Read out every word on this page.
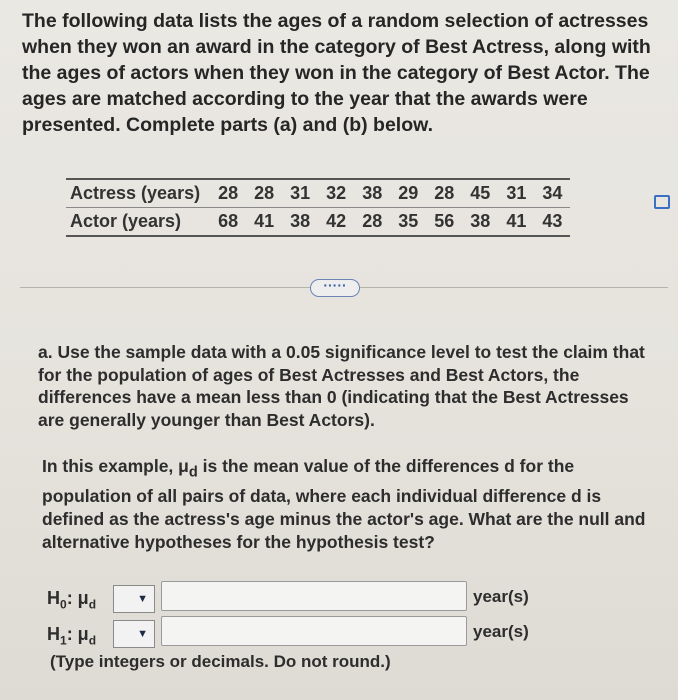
The following data lists the ages of a random selection of actresses when they won an award in the category of Best Actress, along with the ages of actors when they won in the category of Best Actor. The ages are matched according to the year that the awards were presented. Complete parts (a) and (b) below.

Actress (years)	28	28	31	32	38	29	28	45	31	34
Actor (years)	68	41	38	42	28	35	56	38	41	43
·····

a. Use the sample data with a 0.05 significance level to test the claim that for the population of ages of Best Actresses and Best Actors, the differences have a mean less than 0 (indicating that the Best Actresses are generally younger than Best Actors).

In this example, $\mu_d$ is the mean value of the differences d for the population of all pairs of data, where each individual difference d is defined as the actress's age minus the actor's age. What are the null and alternative hypotheses for the hypothesis test?

$H_0$: $\mu_d$	▼	year(s)
$H_1$: $\mu_d$	▼	year(s)
(Type integers or decimals. Do not round.)
